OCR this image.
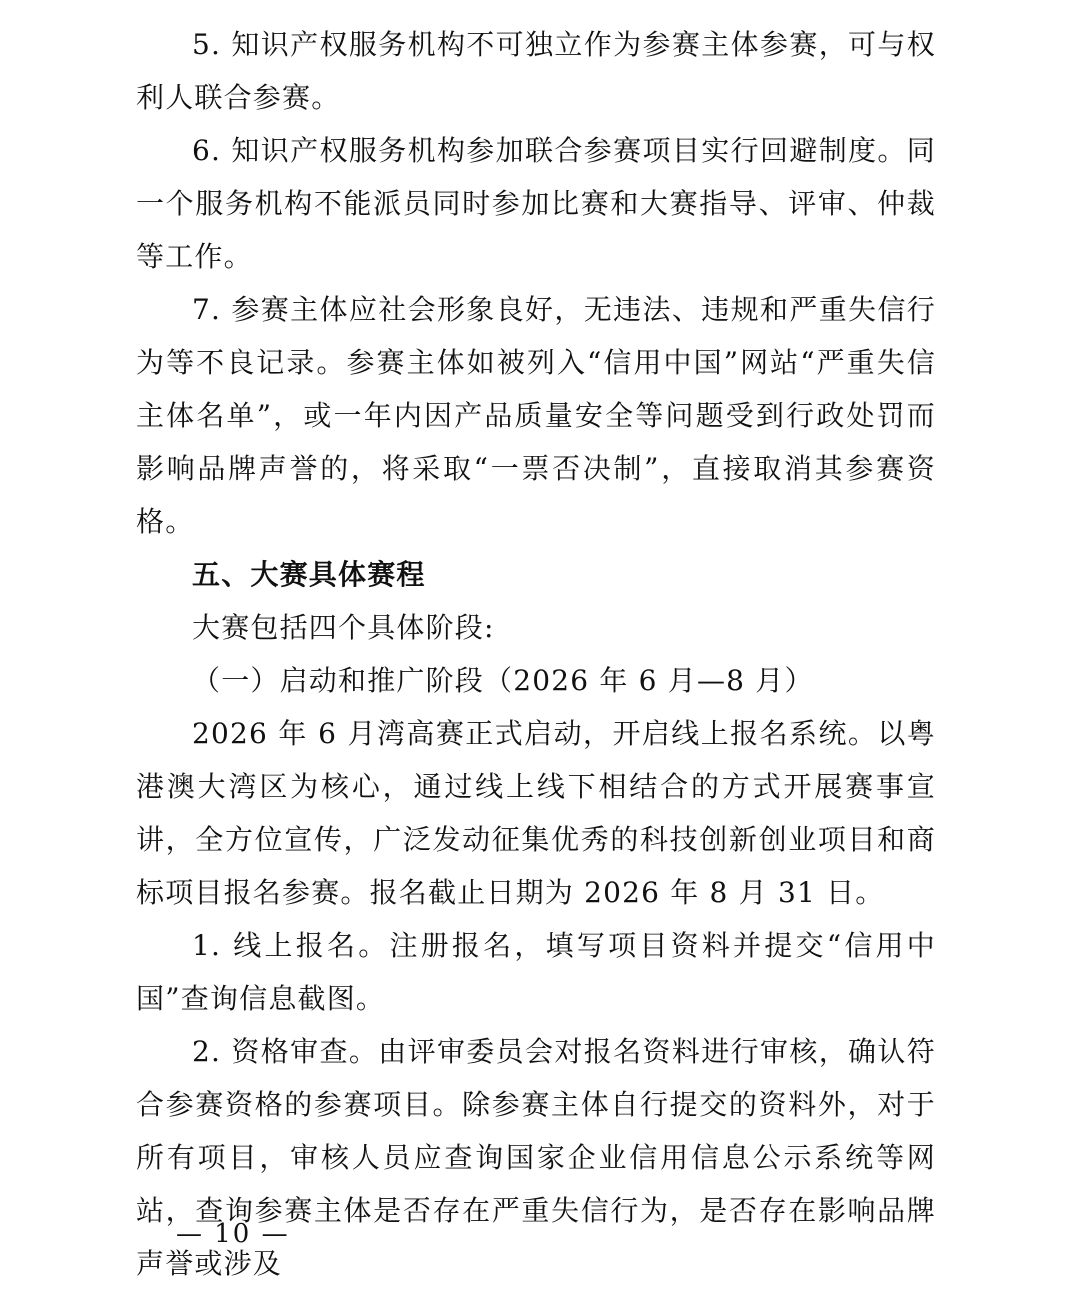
5. 知识产权服务机构不可独立作为参赛主体参赛，可与权利人联合参赛。

6. 知识产权服务机构参加联合参赛项目实行回避制度。同一个服务机构不能派员同时参加比赛和大赛指导、评审、仲裁等工作。

7. 参赛主体应社会形象良好，无违法、违规和严重失信行为等不良记录。参赛主体如被列入“信用中国”网站“严重失信主体名单”，或一年内因产品质量安全等问题受到行政处罚而影响品牌声誉的，将采取“一票否决制”，直接取消其参赛资格。

五、大赛具体赛程

大赛包括四个具体阶段:

（一）启动和推广阶段（2026 年 6 月—8 月）

2026 年 6 月湾高赛正式启动，开启线上报名系统。以粤港澳大湾区为核心，通过线上线下相结合的方式开展赛事宣讲，全方位宣传，广泛发动征集优秀的科技创新创业项目和商标项目报名参赛。报名截止日期为 2026 年 8 月 31 日。

1. 线上报名。注册报名，填写项目资料并提交“信用中国”查询信息截图。

2. 资格审查。由评审委员会对报名资料进行审核，确认符合参赛资格的参赛项目。除参赛主体自行提交的资料外，对于所有项目，审核人员应查询国家企业信用信息公示系统等网站，查询参赛主体是否存在严重失信行为，是否存在影响品牌声誉或涉及

— 10 —
